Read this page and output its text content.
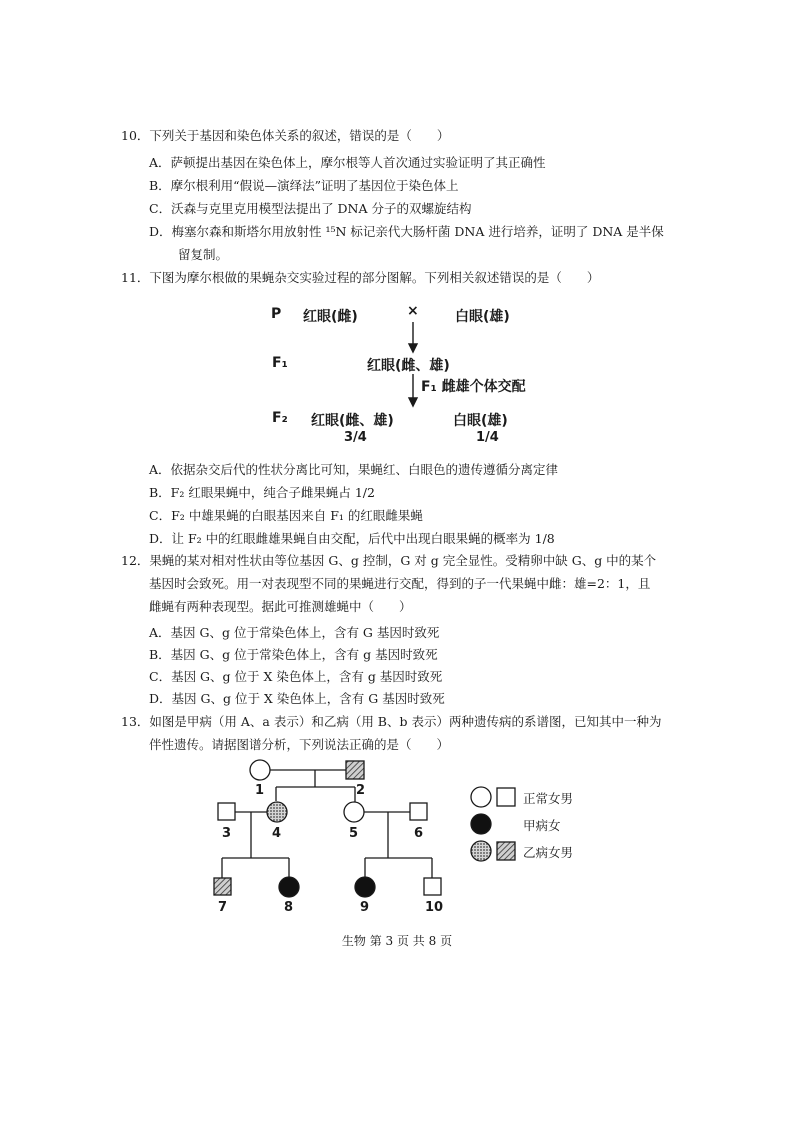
10．下列关于基因和染色体关系的叙述，错误的是（　　）
A．萨顿提出基因在染色体上，摩尔根等人首次通过实验证明了其正确性
B．摩尔根利用“假说—演绎法”证明了基因位于染色体上
C．沃森与克里克用模型法提出了 DNA 分子的双螺旋结构
D．梅塞尔森和斯塔尔用放射性 ¹⁵N 标记亲代大肠杆菌 DNA 进行培养，证明了 DNA 是半保
留复制。
11．下图为摩尔根做的果蝇杂交实验过程的部分图解。下列相关叙述错误的是（　　）
P 红眼(雌)	×	白眼(雄)
F₁	红眼(雌、雄)
F₁ 雌雄个体交配
F₂ 红眼(雌、雄)	白眼(雄)
3/4	1/4
A．依据杂交后代的性状分离比可知，果蝇红、白眼色的遗传遵循分离定律
B．F₂ 红眼果蝇中，纯合子雌果蝇占 1/2
C．F₂ 中雄果蝇的白眼基因来自 F₁ 的红眼雌果蝇
D．让 F₂ 中的红眼雌雄果蝇自由交配，后代中出现白眼果蝇的概率为 1/8
12．果蝇的某对相对性状由等位基因 G、g 控制，G 对 g 完全显性。受精卵中缺 G、g 中的某个
基因时会致死。用一对表现型不同的果蝇进行交配，得到的子一代果蝇中雌：雄=2：1，且
雌蝇有两种表现型。据此可推测雄蝇中（　　）
A．基因 G、g 位于常染色体上，含有 G 基因时致死
B．基因 G、g 位于常染色体上，含有 g 基因时致死
C．基因 G、g 位于 X 染色体上，含有 g 基因时致死
D．基因 G、g 位于 X 染色体上，含有 G 基因时致死
13．如图是甲病（用 A、a 表示）和乙病（用 B、b 表示）两种遗传病的系谱图，已知其中一种为
伴性遗传。请据图谱分析，下列说法正确的是（　　）
1	2
3	4	5	6
7	8	9	10
正常女男
甲病女
乙病女男
生物 第 3 页 共 8 页
